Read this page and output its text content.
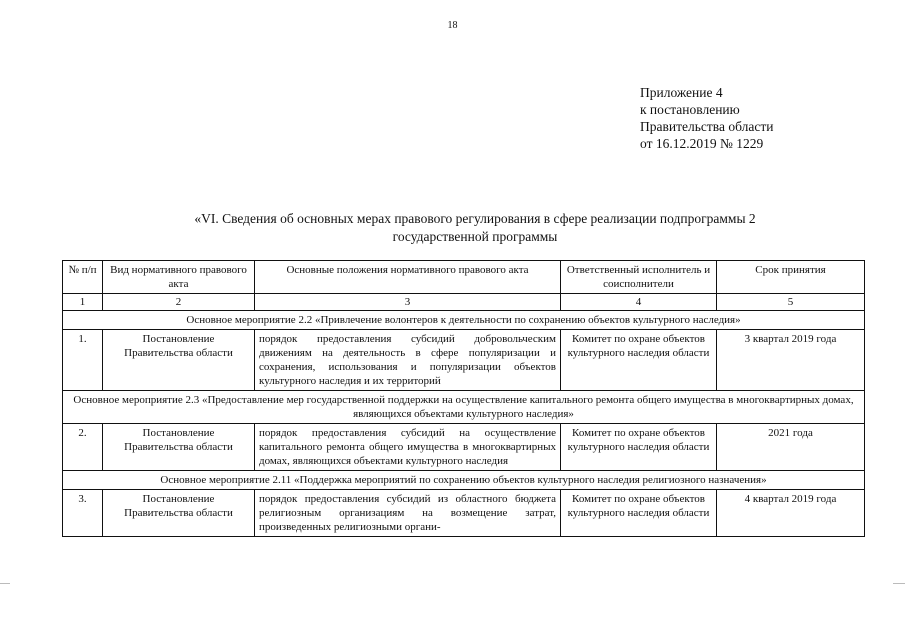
18
Приложение 4
к постановлению
Правительства области
от 16.12.2019 № 1229
«VI. Сведения об основных мерах правового регулирования в сфере реализации подпрограммы 2
государственной программы
№ п/п	Вид нормативного правового акта	Основные положения нормативного правового акта	Ответственный исполнитель и соисполнители	Срок принятия
1	2	3	4	5
Основное мероприятие 2.2 «Привлечение волонтеров к деятельности по сохранению объектов культурного наследия»				
1.	Постановление Правительства области	порядок предоставления субсидий добровольческим движениям на деятельность в сфере популяризации и сохранения, использования и популяризации объектов культурного наследия и их территорий	Комитет по охране объектов культурного наследия области	3 квартал 2019 года
Основное мероприятие 2.3 «Предоставление мер государственной поддержки на осуществление капитального ремонта общего имущества в многоквартирных домах, являющихся объектами культурного наследия»				
2.	Постановление Правительства области	порядок предоставления субсидий на осуществление капитального ремонта общего имущества в многоквартирных домах, являющихся объектами культурного наследия	Комитет по охране объектов культурного наследия области	2021 года
Основное мероприятие 2.11 «Поддержка мероприятий по сохранению объектов культурного наследия религиозного назначения»				
3.	Постановление Правительства области	порядок предоставления субсидий из областного бюджета религиозным организациям на возмещение затрат, произведенных религиозными органи-	Комитет по охране объектов культурного наследия области	4 квартал 2019 года
